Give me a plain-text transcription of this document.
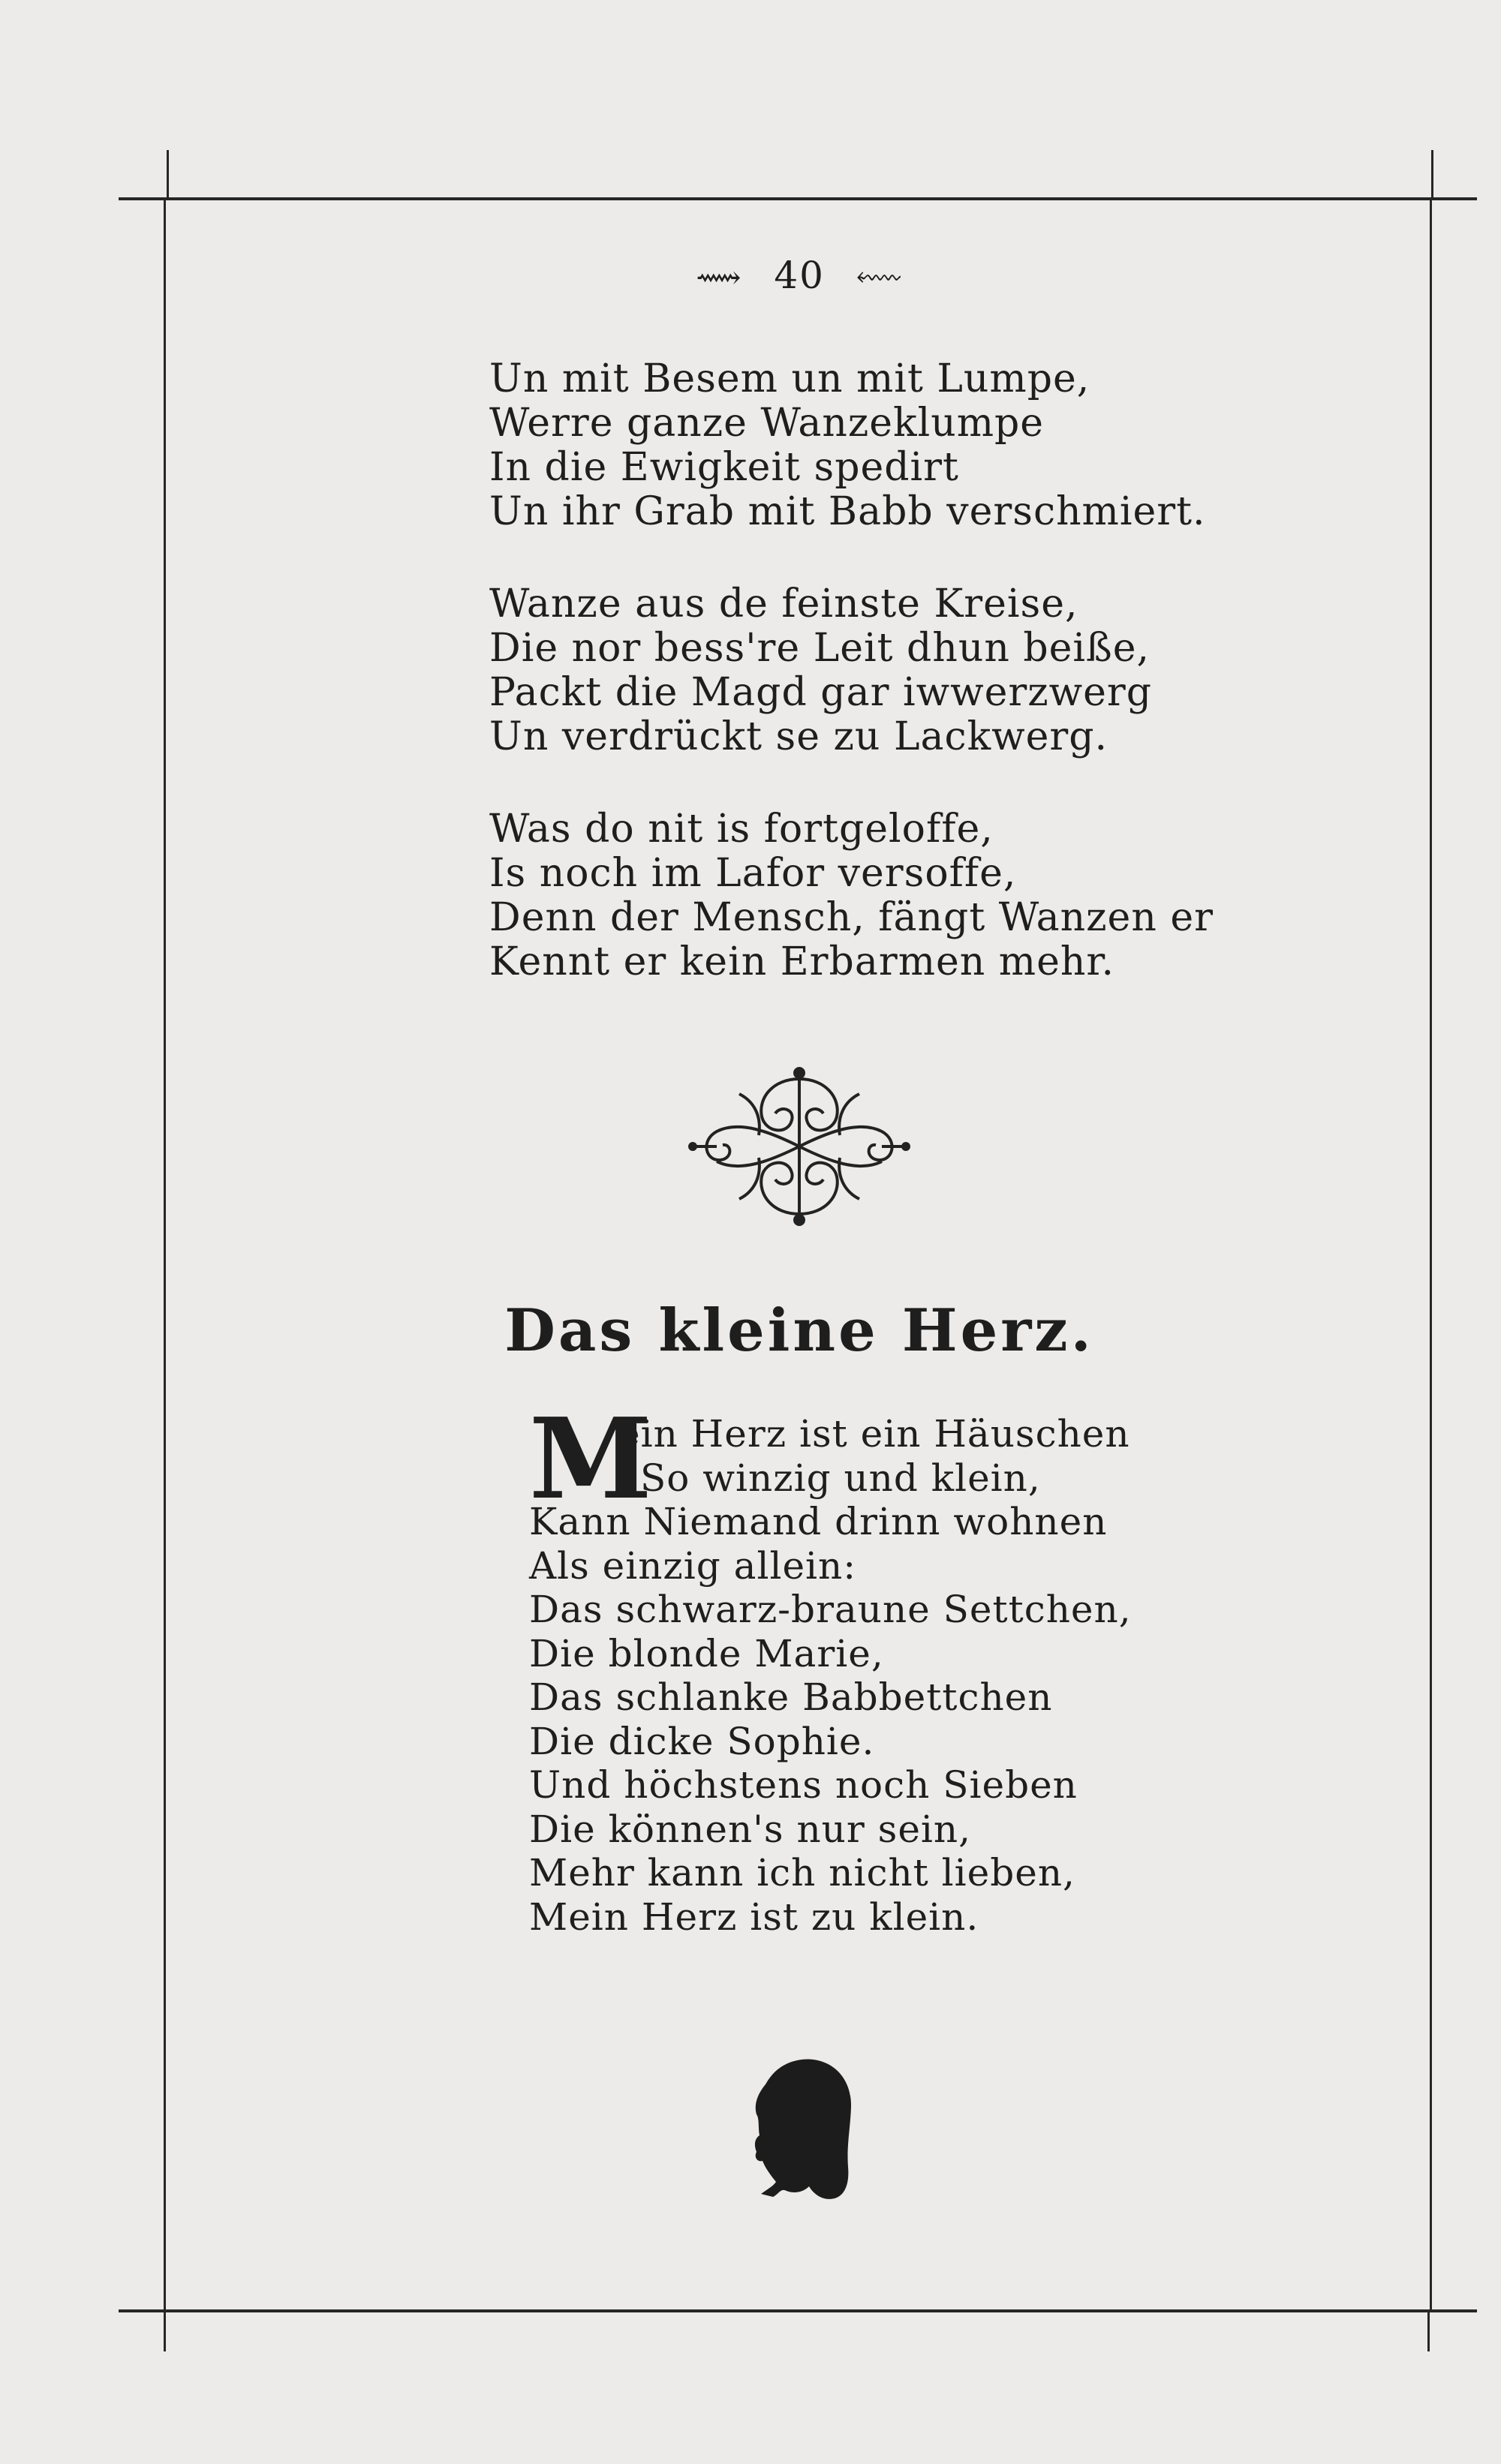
⟿ 40 ⬳
Un mit Besem un mit Lumpe,
Werre ganze Wanzeklumpe
In die Ewigkeit spedirt
Un ihr Grab mit Babb verschmiert.
Wanze aus de feinste Kreise,
Die nor bess're Leit dhun beiße,
Packt die Magd gar iwwerzwerg
Un verdrückt se zu Lackwerg.
Was do nit is fortgeloffe,
Is noch im Lafor versoffe,
Denn der Mensch, fängt Wanzen er
Kennt er kein Erbarmen mehr.
Das kleine Herz.
M
ein Herz ist ein Häuschen
So winzig und klein,
Kann Niemand drinn wohnen
Als einzig allein:
Das schwarz-braune Settchen,
Die blonde Marie,
Das schlanke Babbettchen
Die dicke Sophie.
Und höchstens noch Sieben
Die können's nur sein,
Mehr kann ich nicht lieben,
Mein Herz ist zu klein.
